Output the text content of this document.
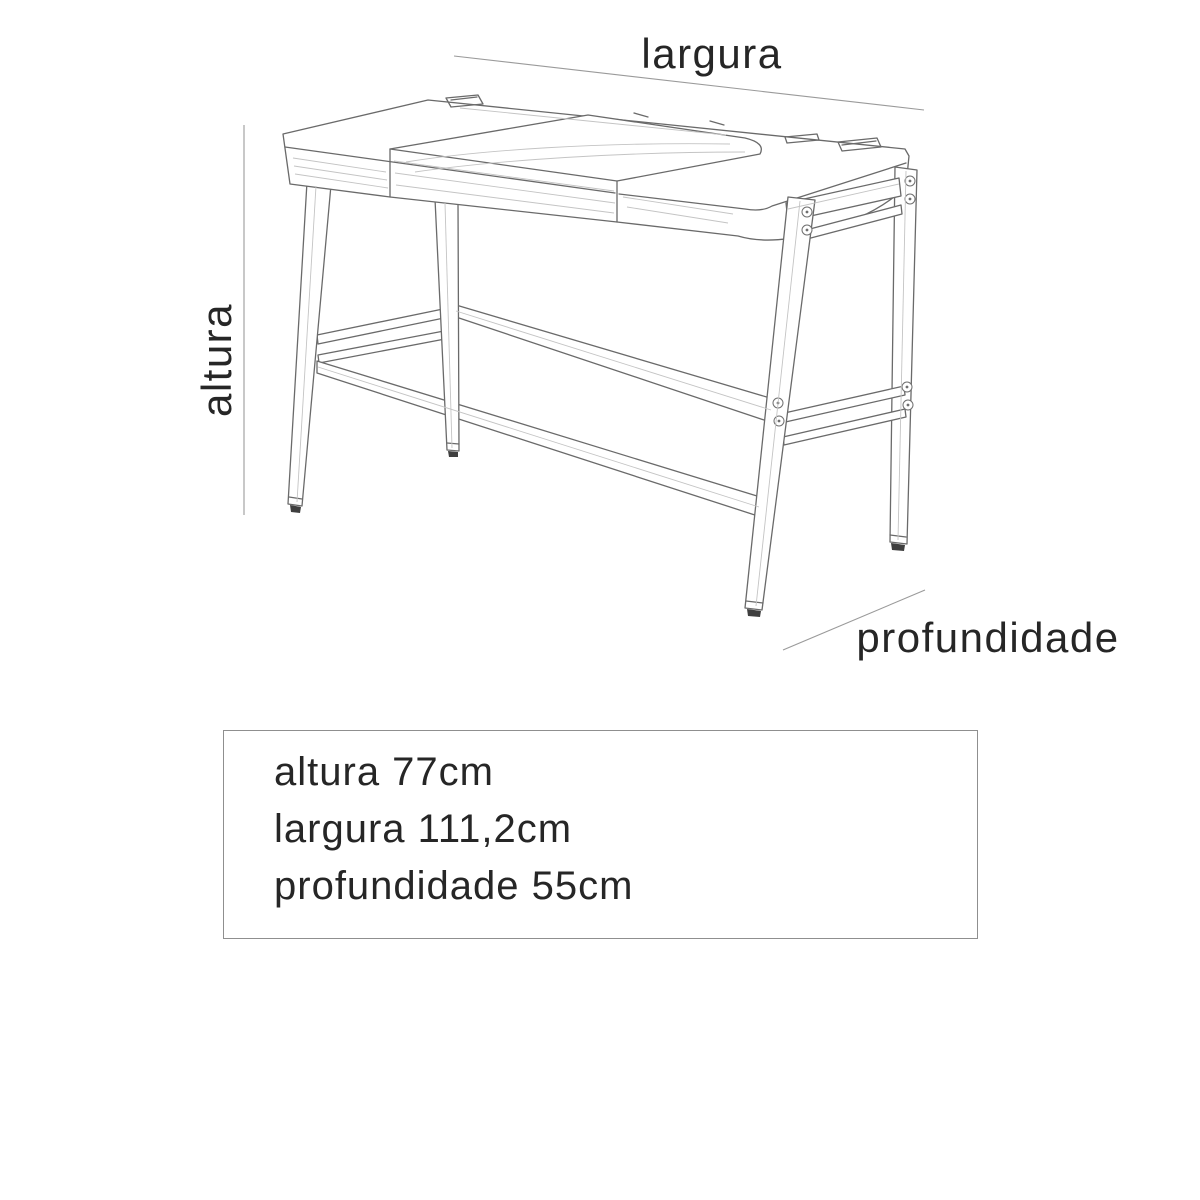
largura
altura
profundidade
altura 77cm
largura 111,2cm
profundidade 55cm
